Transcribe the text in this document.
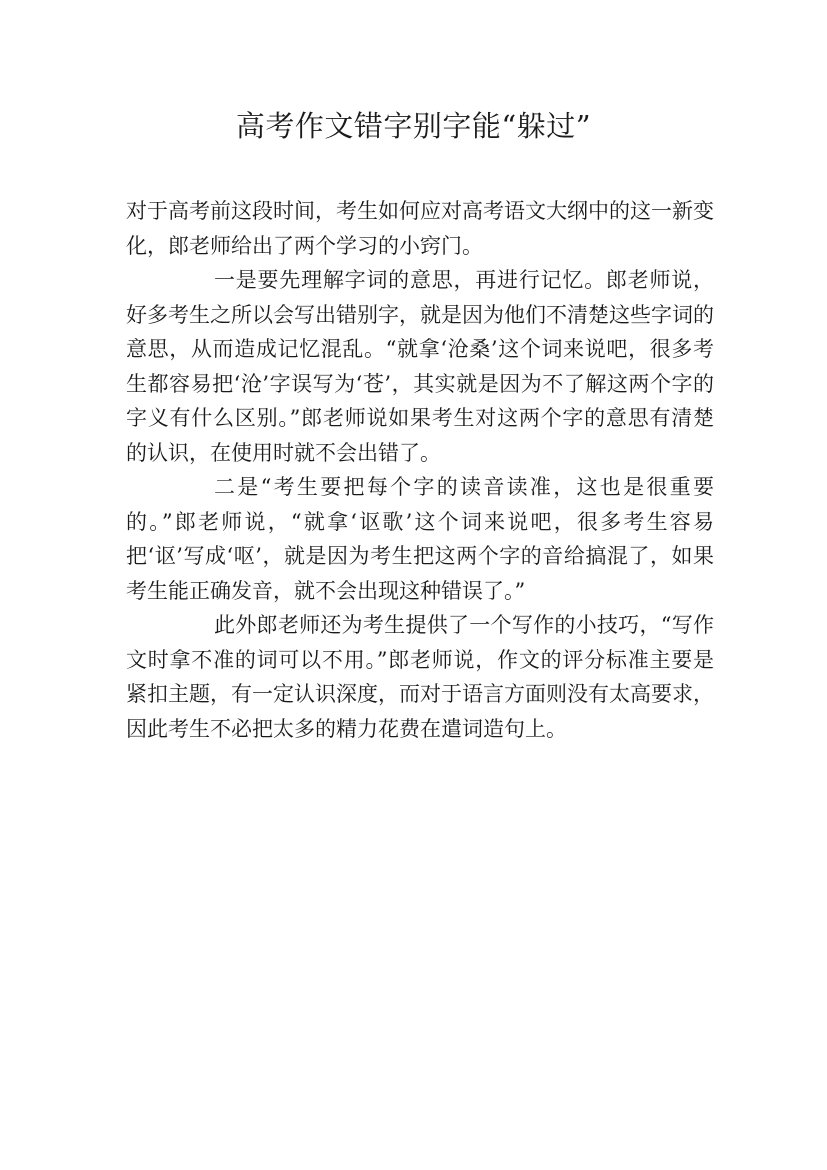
高考作文错字别字能“躲过”

对于高考前这段时间，考生如何应对高考语文大纲中的这一新变化，郎老师给出了两个学习的小窍门。

一是要先理解字词的意思，再进行记忆。郎老师说，好多考生之所以会写出错别字，就是因为他们不清楚这些字词的意思，从而造成记忆混乱。“就拿‘沧桑’这个词来说吧，很多考生都容易把‘沧’字误写为‘苍’，其实就是因为不了解这两个字的字义有什么区别。”郎老师说如果考生对这两个字的意思有清楚的认识，在使用时就不会出错了。

二是“考生要把每个字的读音读准，这也是很重要的。”郎老师说，“就拿‘讴歌’这个词来说吧，很多考生容易把‘讴’写成‘呕’，就是因为考生把这两个字的音给搞混了，如果考生能正确发音，就不会出现这种错误了。”

此外郎老师还为考生提供了一个写作的小技巧，“写作文时拿不准的词可以不用。”郎老师说，作文的评分标准主要是紧扣主题，有一定认识深度，而对于语言方面则没有太高要求，因此考生不必把太多的精力花费在遣词造句上。
